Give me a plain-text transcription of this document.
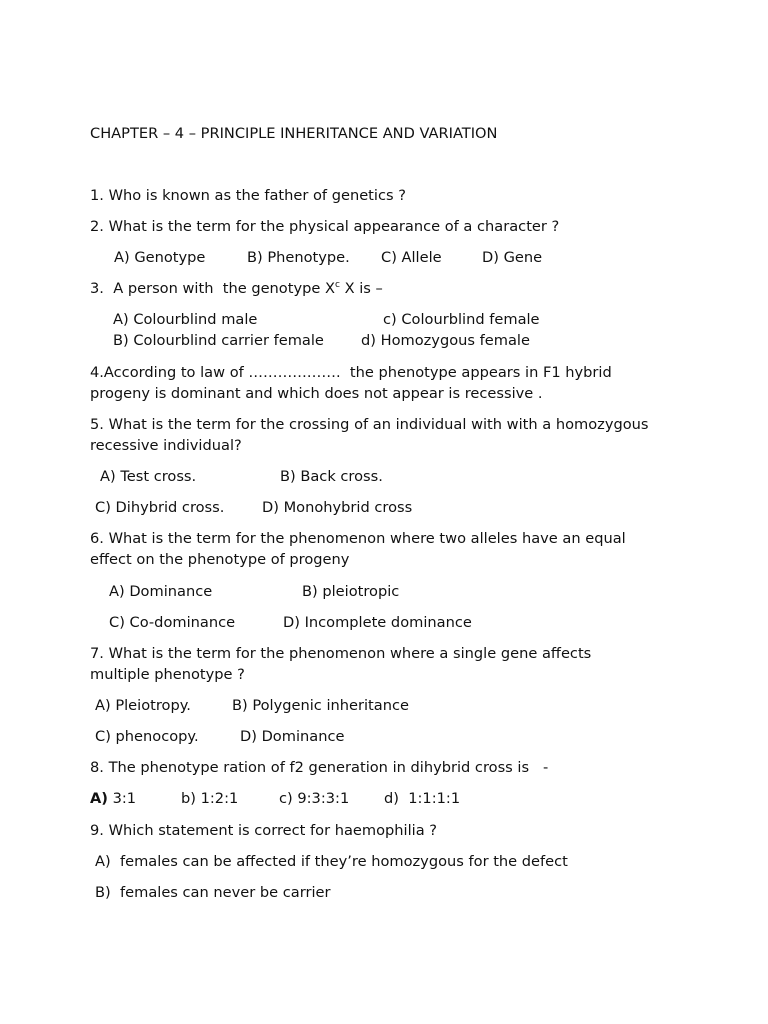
CHAPTER – 4 – PRINCIPLE INHERITANCE AND VARIATION
1. Who is known as the father of genetics ?
2. What is the term for the physical appearance of a character ?
A) Genotype	B) Phenotype. C) Allele	D) Gene
3.  A person with  the genotype $X^c$ X is –
A) Colourblind male	c) Colourblind female
B) Colourblind carrier female	d) Homozygous female
4.According to law of ……………….  the phenotype appears in F1 hybrid
progeny is dominant and which does not appear is recessive .
5. What is the term for the crossing of an individual with with a homozygous
recessive individual?
A) Test cross.	B) Back cross.
C) Dihybrid cross.	D) Monohybrid cross
6. What is the term for the phenomenon where two alleles have an equal
effect on the phenotype of progeny
A) Dominance	B) pleiotropic
C) Co-dominance	D) Incomplete dominance
7. What is the term for the phenomenon where a single gene affects
multiple phenotype ?
A) Pleiotropy.	B) Polygenic inheritance
C) phenocopy.	D) Dominance
8. The phenotype ration of f2 generation in dihybrid cross is   -
A) 3:1	b) 1:2:1	c) 9:3:3:1 d)  1:1:1:1
9. Which statement is correct for haemophilia ?
A)  females can be affected if they’re homozygous for the defect
B)  females can never be carrier
